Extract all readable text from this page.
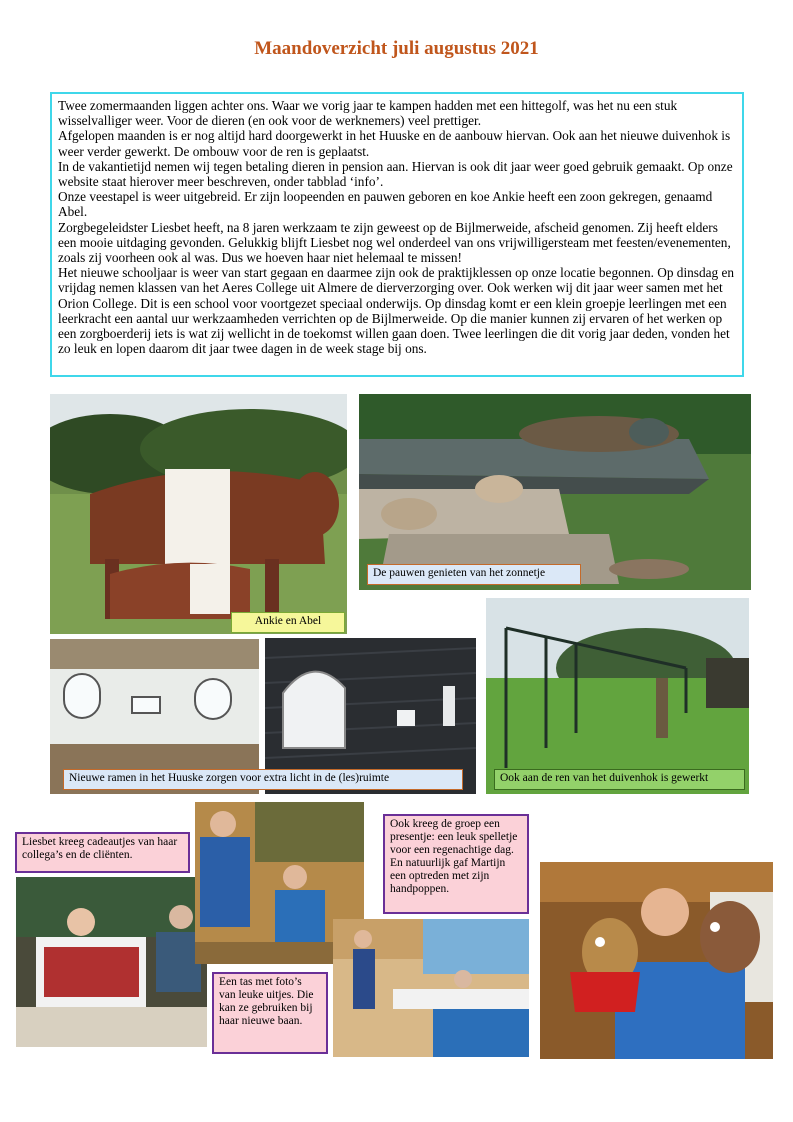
Maandoverzicht juli augustus 2021

Twee zomermaanden liggen achter ons. Waar we vorig jaar te kampen hadden met een hittegolf, was het nu een stuk wisselvalliger weer. Voor de dieren (en ook voor de werknemers) veel prettiger.

Afgelopen maanden is er nog altijd hard doorgewerkt in het Huuske en de aanbouw hiervan. Ook aan het nieuwe duivenhok is weer verder gewerkt. De ombouw voor de ren is geplaatst.

In de vakantietijd nemen wij tegen betaling dieren in pension aan. Hiervan is ook dit jaar weer goed gebruik gemaakt. Op onze website staat hierover meer beschreven, onder tabblad ‘info’.

Onze veestapel is weer uitgebreid. Er zijn loopeenden en pauwen geboren en koe Ankie heeft een zoon gekregen, genaamd Abel.

Zorgbegeleidster Liesbet heeft, na 8 jaren werkzaam te zijn geweest op de Bijlmerweide, afscheid genomen. Zij heeft elders een mooie uitdaging gevonden. Gelukkig blijft Liesbet nog wel onderdeel van ons vrijwilligersteam met feesten/evenementen, zoals zij voorheen ook al was. Dus we hoeven haar niet helemaal te missen!

Het nieuwe schooljaar is weer van start gegaan en daarmee zijn ook de praktijklessen op onze locatie begonnen. Op dinsdag en vrijdag nemen klassen van het Aeres College uit Almere de dierverzorging over. Ook werken wij dit jaar weer samen met het Orion College. Dit is een school voor voortgezet speciaal onderwijs. Op dinsdag komt er een klein groepje leerlingen met een leerkracht een aantal uur werkzaamheden verrichten op de Bijlmerweide. Op die manier kunnen zij ervaren of het werken op een zorgboerderij iets is wat zij wellicht in de toekomst willen gaan doen. Twee leerlingen die dit vorig jaar deden, vonden het zo leuk en lopen daarom dit jaar twee dagen in de week stage bij ons.

Ankie en Abel
De pauwen genieten van het zonnetje
Nieuwe ramen in het Huuske zorgen voor extra licht in de (les)ruimte	Ook aan de ren van het duivenhok is gewerkt
Liesbet kreeg cadeautjes van haar collega’s en de cliënten.
Een tas met foto’s van leuke uitjes. Die kan ze gebruiken bij haar nieuwe baan.
Ook kreeg de groep een presentje: een leuk spelletje voor een regenachtige dag. En natuurlijk gaf Martijn een optreden met zijn handpoppen.
